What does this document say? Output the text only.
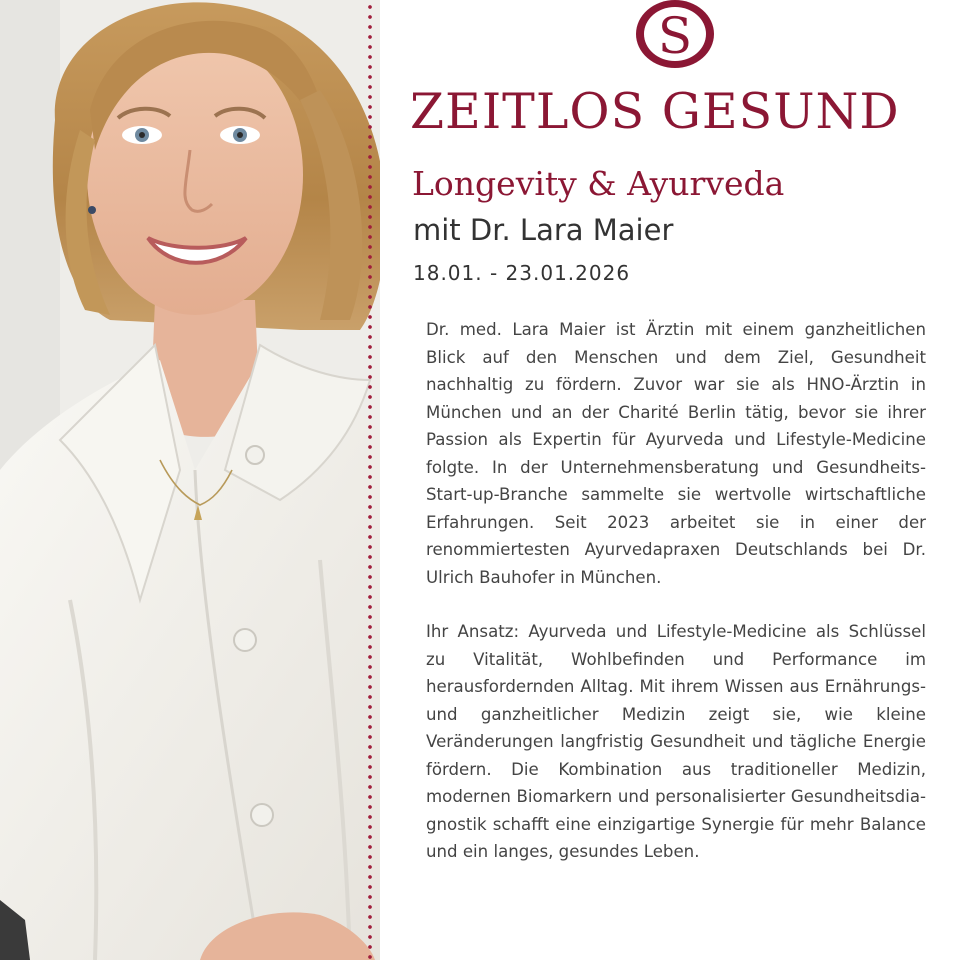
S
ZEITLOS GESUND
Longevity & Ayurveda
mit Dr. Lara Maier
18.01. - 23.01.2026

Dr. med. Lara Maier ist Ärztin mit einem ganzheitlichen Blick auf den Menschen und dem Ziel, Gesundheit nachhaltig zu fördern. Zuvor war sie als HNO-Ärztin in München und an der Charité Berlin tätig, bevor sie ihrer Passion als Expertin für Ayurveda und Lifestyle-Medicine folgte. In der Unternehmensberatung und Gesundheits-Start-up-Branche sammelte sie wertvolle wirtschaftliche Erfahrungen. Seit 2023 arbeitet sie in einer der renommiertesten Ayurvedapraxen Deutschlands bei Dr. Ulrich Bauhofer in München.

Ihr Ansatz: Ayurveda und Lifestyle-Medicine als Schlüssel zu Vitalität, Wohlbefinden und Performance im herausfordernden Alltag. Mit ihrem Wissen aus Ernährungs- und ganzheitlicher Medizin zeigt sie, wie kleine Veränderungen langfristig Gesundheit und tägliche Energie fördern. Die Kombination aus traditioneller Medizin, modernen Biomarkern und personalisierter Gesundheitsdiagnostik schafft eine einzigartige Synergie für mehr Balance und ein langes, gesundes Leben.
